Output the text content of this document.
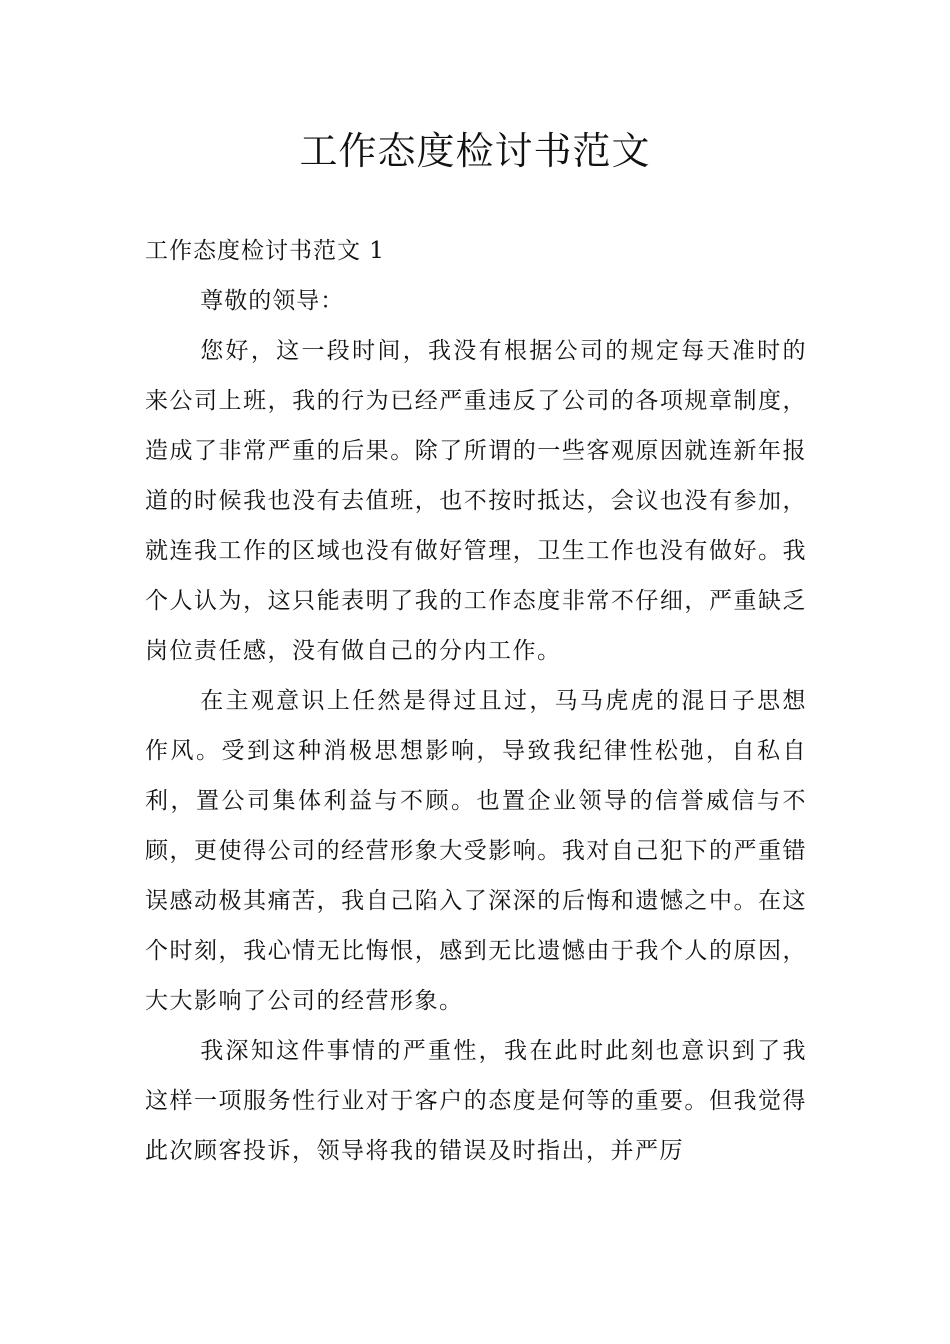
工作态度检讨书范文

工作态度检讨书范文 1

尊敬的领导：

您好，这一段时间，我没有根据公司的规定每天准时的来公司上班，我的行为已经严重违反了公司的各项规章制度，造成了非常严重的后果。除了所谓的一些客观原因就连新年报道的时候我也没有去值班，也不按时抵达，会议也没有参加，就连我工作的区域也没有做好管理，卫生工作也没有做好。我个人认为，这只能表明了我的工作态度非常不仔细，严重缺乏岗位责任感，没有做自己的分内工作。

在主观意识上任然是得过且过，马马虎虎的混日子思想作风。受到这种消极思想影响，导致我纪律性松弛，自私自利，置公司集体利益与不顾。也置企业领导的信誉威信与不顾，更使得公司的经营形象大受影响。我对自己犯下的严重错误感动极其痛苦，我自己陷入了深深的后悔和遗憾之中。在这个时刻，我心情无比悔恨，感到无比遗憾由于我个人的原因，大大影响了公司的经营形象。

我深知这件事情的严重性，我在此时此刻也意识到了我这样一项服务性行业对于客户的态度是何等的重要。但我觉得此次顾客投诉，领导将我的错误及时指出，并严厉
